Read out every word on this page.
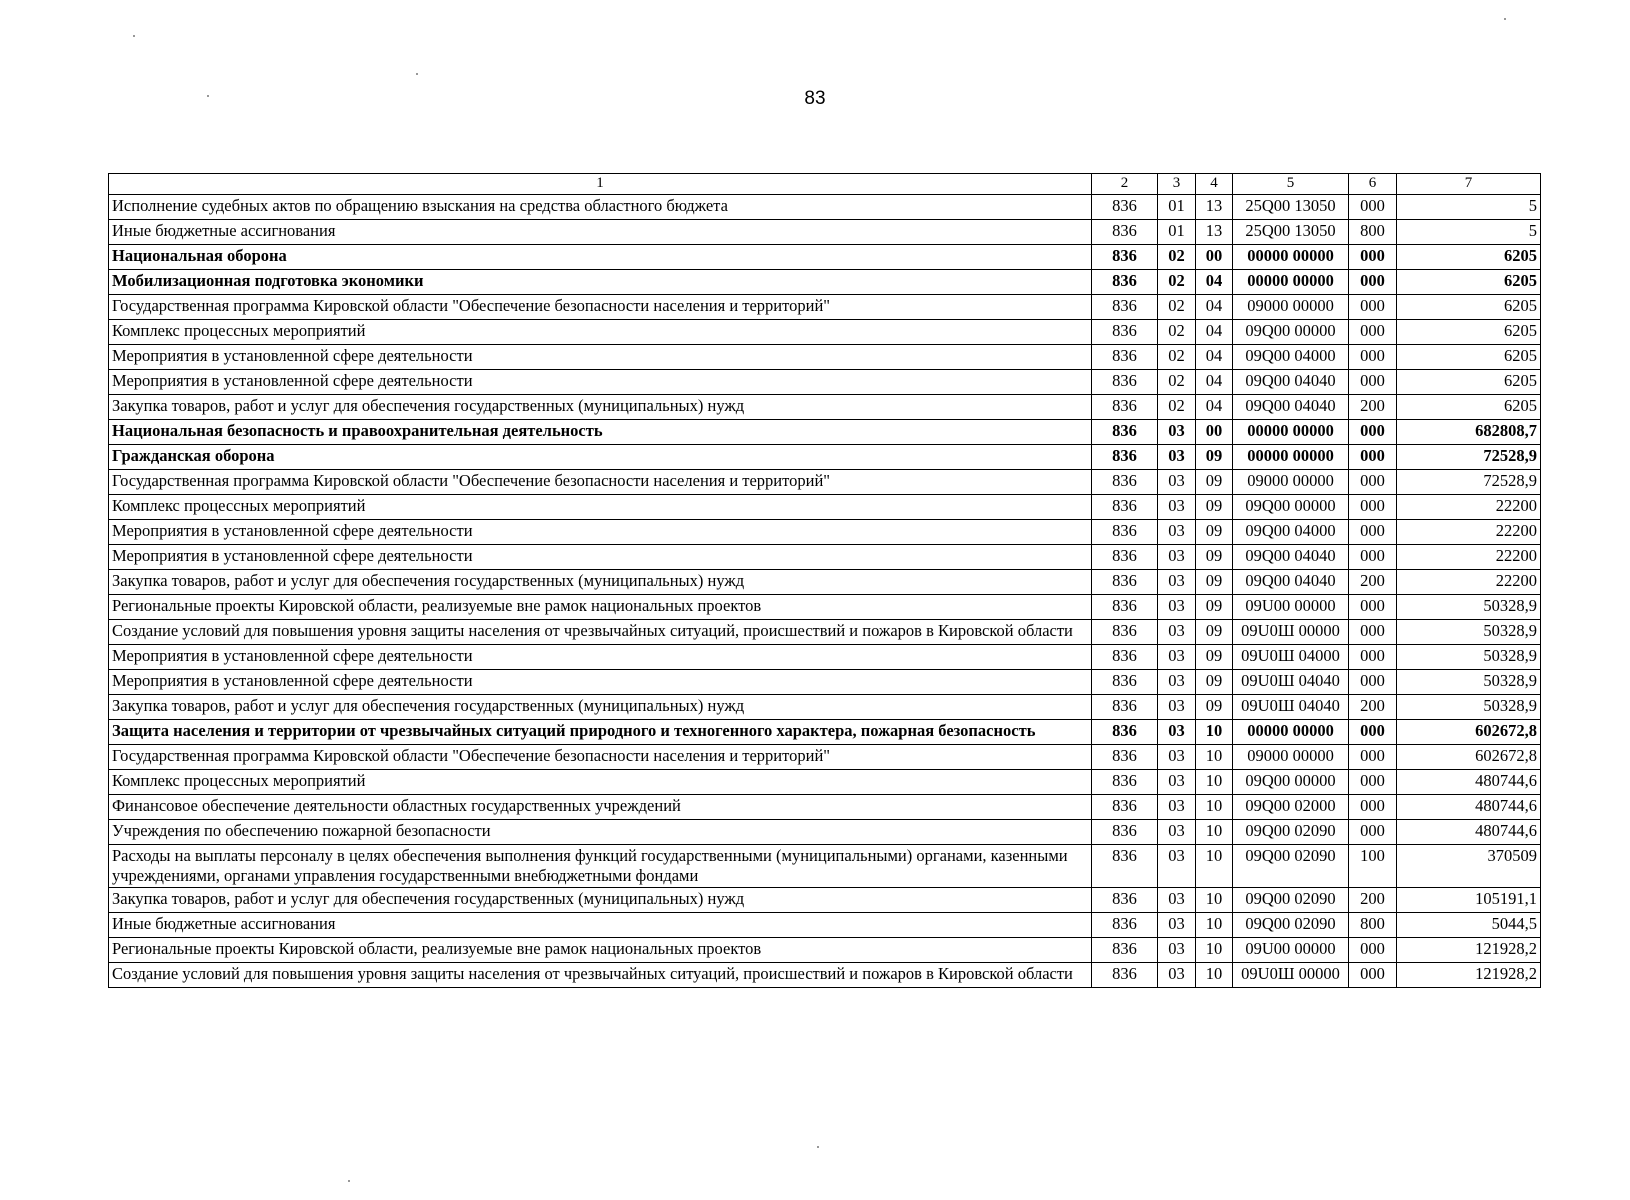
83
1	2	3	4	5	6	7
Исполнение судебных актов по обращению взыскания на средства областного бюджета	836	01	13	25Q00 13050	000	5
Иные бюджетные ассигнования	836	01	13	25Q00 13050	800	5
Национальная оборона	836	02	00	00000 00000	000	6205
Мобилизационная подготовка экономики	836	02	04	00000 00000	000	6205
Государственная программа Кировской области "Обеспечение безопасности населения и территорий"	836	02	04	09000 00000	000	6205
Комплекс процессных мероприятий	836	02	04	09Q00 00000	000	6205
Мероприятия в установленной сфере деятельности	836	02	04	09Q00 04000	000	6205
Мероприятия в установленной сфере деятельности	836	02	04	09Q00 04040	000	6205
Закупка товаров, работ и услуг для обеспечения государственных (муниципальных) нужд	836	02	04	09Q00 04040	200	6205
Национальная безопасность и правоохранительная деятельность	836	03	00	00000 00000	000	682808,7
Гражданская оборона	836	03	09	00000 00000	000	72528,9
Государственная программа Кировской области "Обеспечение безопасности населения и территорий"	836	03	09	09000 00000	000	72528,9
Комплекс процессных мероприятий	836	03	09	09Q00 00000	000	22200
Мероприятия в установленной сфере деятельности	836	03	09	09Q00 04000	000	22200
Мероприятия в установленной сфере деятельности	836	03	09	09Q00 04040	000	22200
Закупка товаров, работ и услуг для обеспечения государственных (муниципальных) нужд	836	03	09	09Q00 04040	200	22200
Региональные проекты Кировской области, реализуемые вне рамок национальных проектов	836	03	09	09U00 00000	000	50328,9
Создание условий для повышения уровня защиты населения от чрезвычайных ситуаций, происшествий и пожаров в Кировской области	836	03	09	09U0Ш 00000	000	50328,9
Мероприятия в установленной сфере деятельности	836	03	09	09U0Ш 04000	000	50328,9
Мероприятия в установленной сфере деятельности	836	03	09	09U0Ш 04040	000	50328,9
Закупка товаров, работ и услуг для обеспечения государственных (муниципальных) нужд	836	03	09	09U0Ш 04040	200	50328,9
Защита населения и территории от чрезвычайных ситуаций природного и техногенного характера, пожарная безопасность	836	03	10	00000 00000	000	602672,8
Государственная программа Кировской области "Обеспечение безопасности населения и территорий"	836	03	10	09000 00000	000	602672,8
Комплекс процессных мероприятий	836	03	10	09Q00 00000	000	480744,6
Финансовое обеспечение деятельности областных государственных учреждений	836	03	10	09Q00 02000	000	480744,6
Учреждения по обеспечению пожарной безопасности	836	03	10	09Q00 02090	000	480744,6
Расходы на выплаты персоналу в целях обеспечения выполнения функций государственными (муниципальными) органами, казенными учреждениями, органами управления государственными внебюджетными фондами	836	03	10	09Q00 02090	100	370509
Закупка товаров, работ и услуг для обеспечения государственных (муниципальных) нужд	836	03	10	09Q00 02090	200	105191,1
Иные бюджетные ассигнования	836	03	10	09Q00 02090	800	5044,5
Региональные проекты Кировской области, реализуемые вне рамок национальных проектов	836	03	10	09U00 00000	000	121928,2
Создание условий для повышения уровня защиты населения от чрезвычайных ситуаций, происшествий и пожаров в Кировской области	836	03	10	09U0Ш 00000	000	121928,2
